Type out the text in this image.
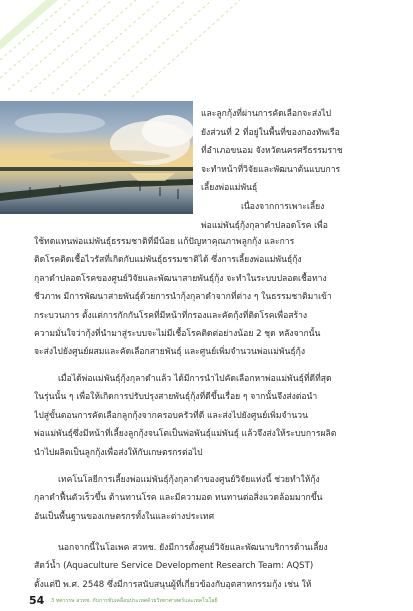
และลูกกุ้งที่ผ่านการคัดเลือกจะส่งไป
ยังส่วนที่ 2 ที่อยู่ในพื้นที่ของกองทัพเรือ
ที่อำเภอขนอม จังหวัดนครศรีธรรมราช
จะทำหน้าที่วิจัยและพัฒนาต้นแบบการ
เลี้ยงพ่อแม่พันธุ์
เนื่องจากการเพาะเลี้ยง
พ่อแม่พันธุ์กุ้งกุลาดำปลอดโรค เพื่อ
ใช้ทดแทนพ่อแม่พันธุ์ธรรมชาติที่มีน้อย แก้ปัญหาคุณภาพลูกกุ้ง และการ
ติดโรคติดเชื้อไวรัสที่เกิดกับแม่พันธุ์ธรรมชาติได้ ซึ่งการเลี้ยงพ่อแม่พันธุ์กุ้ง
กุลาดำปลอดโรคของศูนย์วิจัยและพัฒนาสายพันธุ์กุ้ง จะทำในระบบปลอดเชื้อทาง
ชีวภาพ มีการพัฒนาสายพันธุ์ด้วยการนำกุ้งกุลาดำจากที่ต่าง ๆ ในธรรมชาติมาเข้า
กระบวนการ ตั้งแต่การกักกันโรคที่มีหน้าที่กรองและคัดกุ้งที่ติดโรคเพื่อสร้าง
ความมั่นใจว่ากุ้งที่นำมาสู่ระบบจะไม่มีเชื้อโรคติดต่อย่างน้อย 2 ชุด หลังจากนั้น
จะส่งไปยังศูนย์ผสมและคัดเลือกสายพันธุ์ และศูนย์เพิ่มจำนวนพ่อแม่พันธุ์กุ้ง
เมื่อได้พ่อแม่พันธุ์กุ้งกุลาดำแล้ว ได้มีการนำไปคัดเลือกหาพ่อแม่พันธุ์ที่ดีที่สุด
ในรุ่นนั้น ๆ เพื่อให้เกิดการปรับปรุงสายพันธุ์กุ้งที่ดีขึ้นเรื่อย ๆ จากนั้นจึงส่งต่อนำ
ไปสู่ขั้นตอนการคัดเลือกลูกกุ้งจากครอบครัวที่ดี และส่งไปยังศูนย์เพิ่มจำนวน
พ่อแม่พันธุ์ซึ่งมีหน้าที่เลี้ยงลูกกุ้งจนโตเป็นพ่อพันธุ์แม่พันธุ์ แล้วจึงส่งให้ระบบการผลิต
นำไปผลิตเป็นลูกกุ้งเพื่อส่งให้กับเกษตรกรต่อไป
เทคโนโลยีการเลี้ยงพ่อแม่พันธุ์กุ้งกุลาดำของศูนย์วิจัยแห่งนี้ ช่วยทำให้กุ้ง
กุลาดำฟื้นตัวเร็วขึ้น ต้านทานโรค และมีความอด ทนทานต่อสิ่งแวดล้อมมากขึ้น
อันเป็นพื้นฐานของเกษตรกรทั้งในและต่างประเทศ
นอกจากนี้ในโอเพค สวทช. ยังมีการตั้งศูนย์วิจัยและพัฒนาบริการด้านเลี้ยง
สัตว์น้ำ (Aquaculture Service Development Research Team: AQST)
ตั้งแต่ปี พ.ศ. 2548 ซึ่งมีการสนับสนุนผู้ที่เกี่ยวข้องกับอุตสาหกรรมกุ้ง เช่น ให้
54 3 ทศวรรษ สวทช. กับการขับเคลื่อนประเทศด้วยวิทยาศาสตร์และเทคโนโลยี
